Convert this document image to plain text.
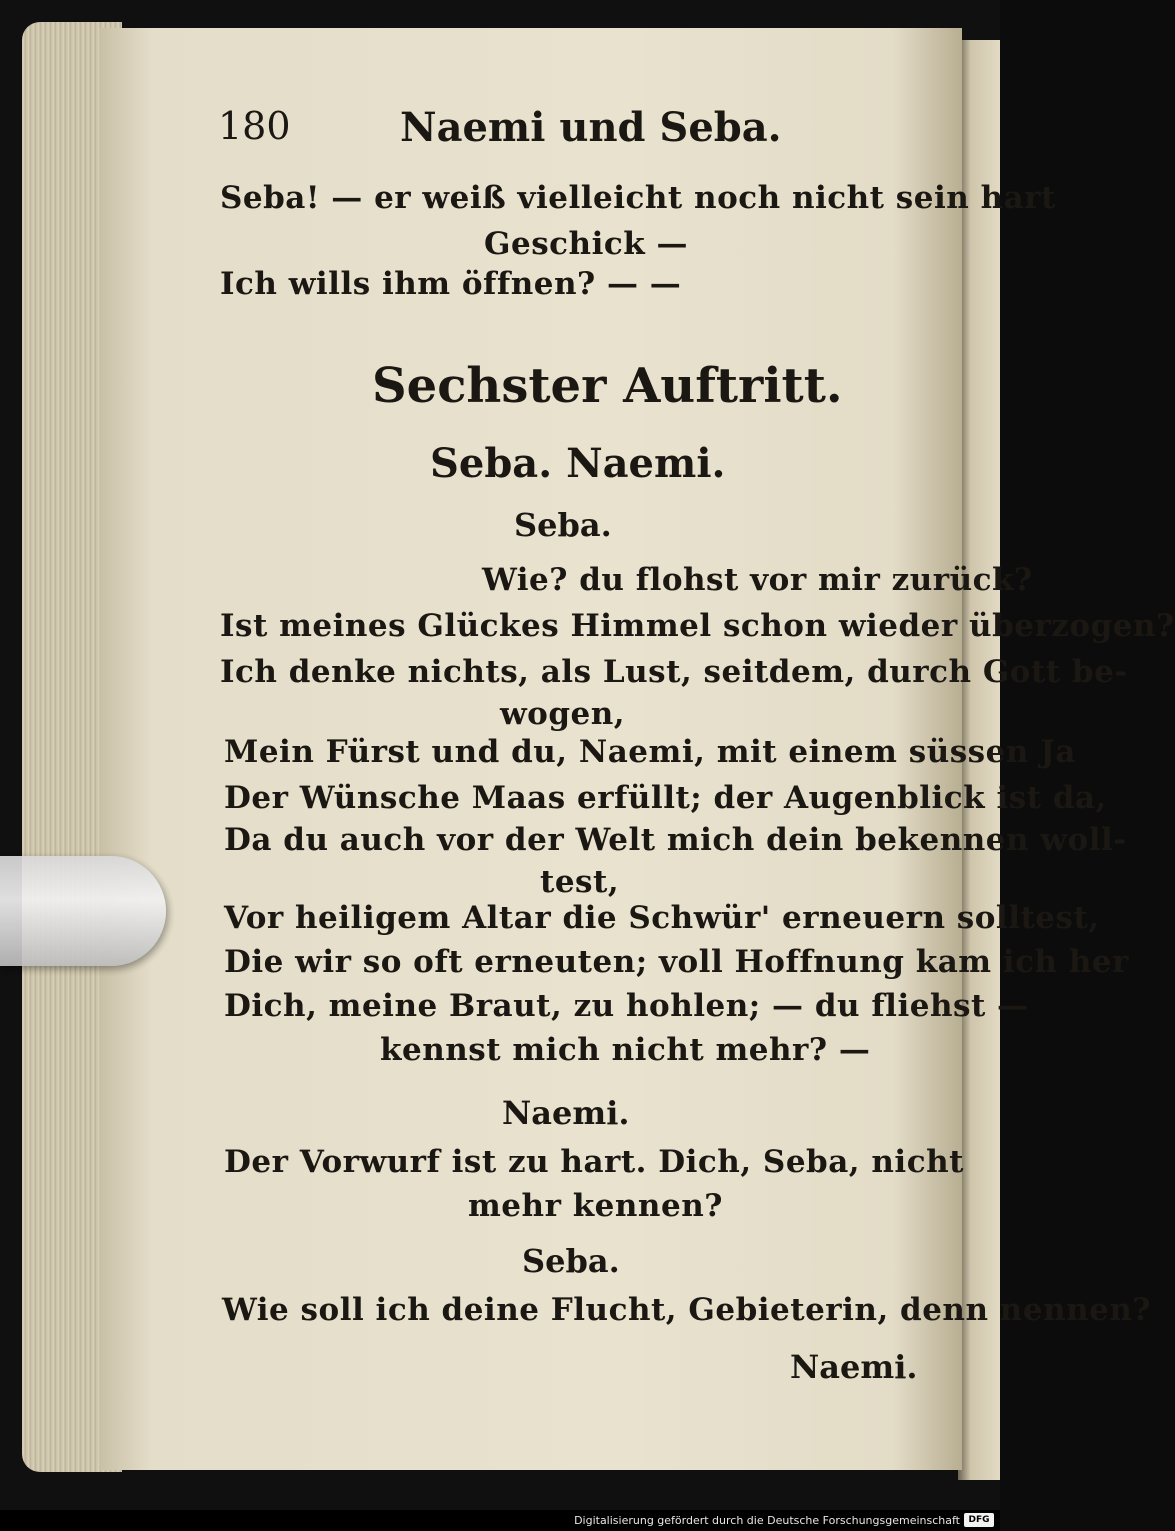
180	Naemi und Seba.
Seba! — er weiß vielleicht noch nicht sein hart
Geschick —
Ich wills ihm öffnen? — —
Sechster Auftritt.
Seba. Naemi.
Seba.
Wie? du flohst vor mir zurück?
Ist meines Glückes Himmel schon wieder überzogen?
Ich denke nichts, als Lust, seitdem, durch Gott be-
wogen,
Mein Fürst und du, Naemi, mit einem süssen Ja
Der Wünsche Maas erfüllt; der Augenblick ist da,
Da du auch vor der Welt mich dein bekennen woll-
test,
Vor heiligem Altar die Schwür' erneuern solltest,
Die wir so oft erneuten; voll Hoffnung kam ich her
Dich, meine Braut, zu hohlen; — du fliehst —
kennst mich nicht mehr? —
Naemi.
Der Vorwurf ist zu hart. Dich, Seba, nicht
mehr kennen?
Seba.
Wie soll ich deine Flucht, Gebieterin, denn nennen?
Naemi.
Digitalisierung gefördert durch die Deutsche Forschungsgemeinschaft DFG
